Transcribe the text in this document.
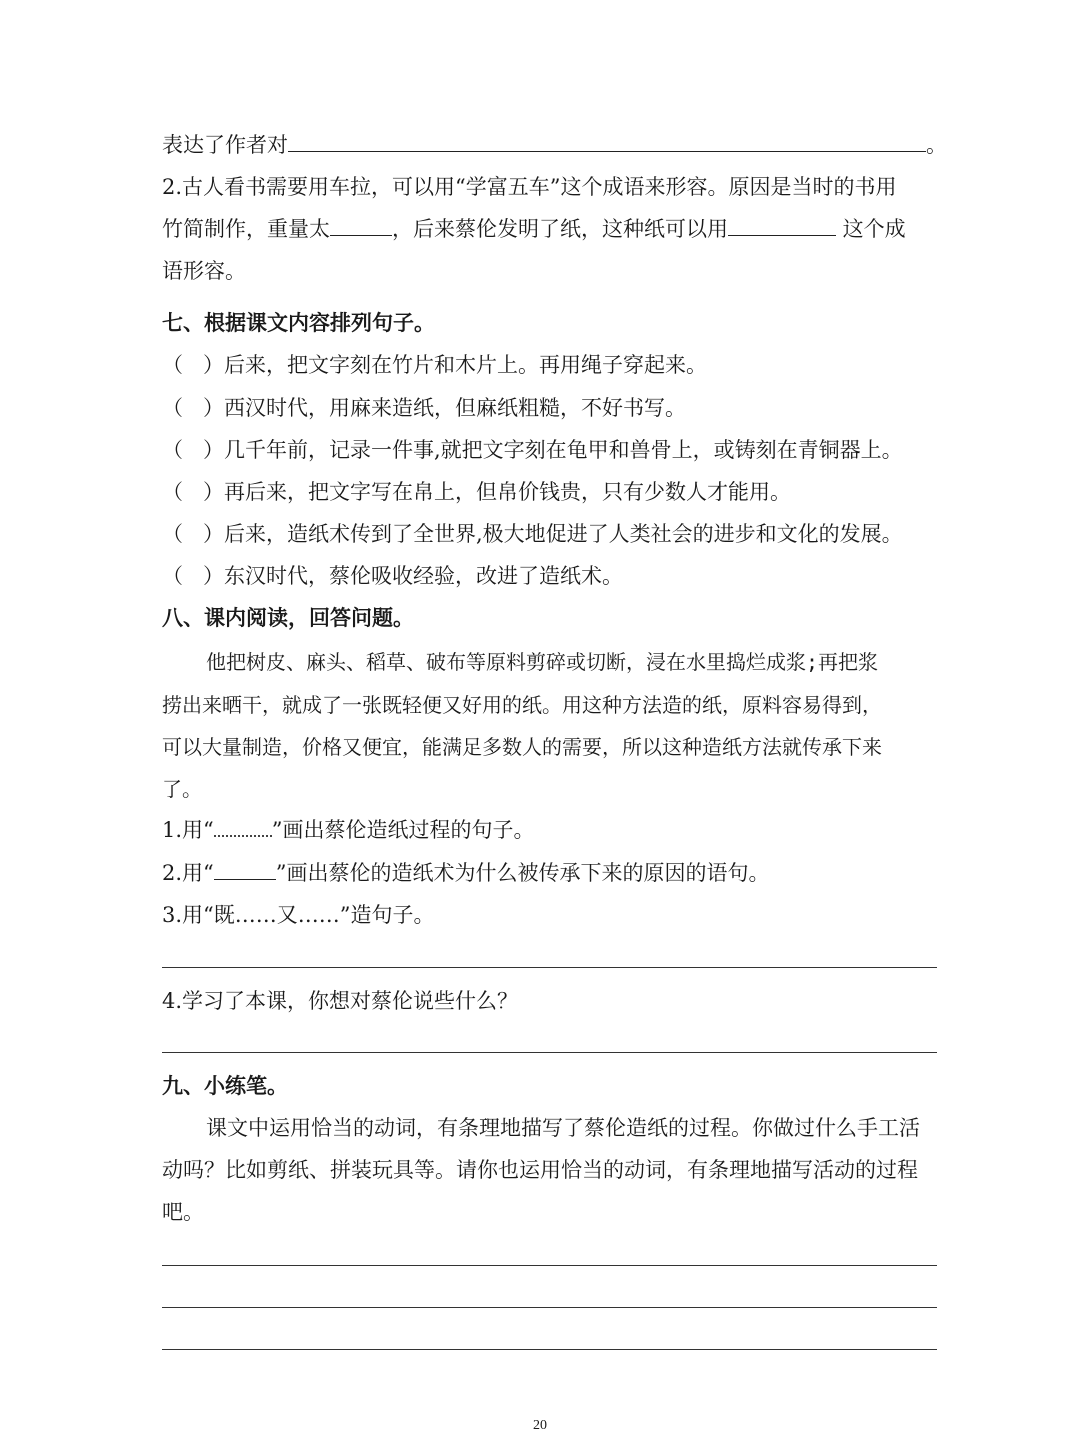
表达了作者对	。
2.古人看书需要用车拉，可以用“学富五车”这个成语来形容。原因是当时的书用
竹简制作，重量太	，后来蔡伦发明了纸，这种纸可以用	这个成
语形容。
七、根据课文内容排列句子。
（ ）后来，把文字刻在竹片和木片上。再用绳子穿起来。
（ ）西汉时代，用麻来造纸，但麻纸粗糙，不好书写。
（ ）几千年前，记录一件事,就把文字刻在龟甲和兽骨上，或铸刻在青铜器上。
（ ）再后来，把文字写在帛上，但帛价钱贵，只有少数人才能用。
（ ）后来，造纸术传到了全世界,极大地促进了人类社会的进步和文化的发展。
（ ）东汉时代，蔡伦吸收经验，改进了造纸术。
八、课内阅读，回答问题。
他把树皮、麻头、稻草、破布等原料剪碎或切断，浸在水里捣烂成浆;再把浆
捞出来晒干，就成了一张既轻便又好用的纸。用这种方法造的纸，原料容易得到，
可以大量制造，价格又便宜，能满足多数人的需要，所以这种造纸方法就传承下来
了。
1.用“	”画出蔡伦造纸过程的句子。
2.用“	”画出蔡伦的造纸术为什么被传承下来的原因的语句。
3.用“既……又……”造句子。
4.学习了本课，你想对蔡伦说些什么？
九、小练笔。
课文中运用恰当的动词，有条理地描写了蔡伦造纸的过程。你做过什么手工活
动吗？比如剪纸、拼装玩具等。请你也运用恰当的动词，有条理地描写活动的过程
吧。
20
